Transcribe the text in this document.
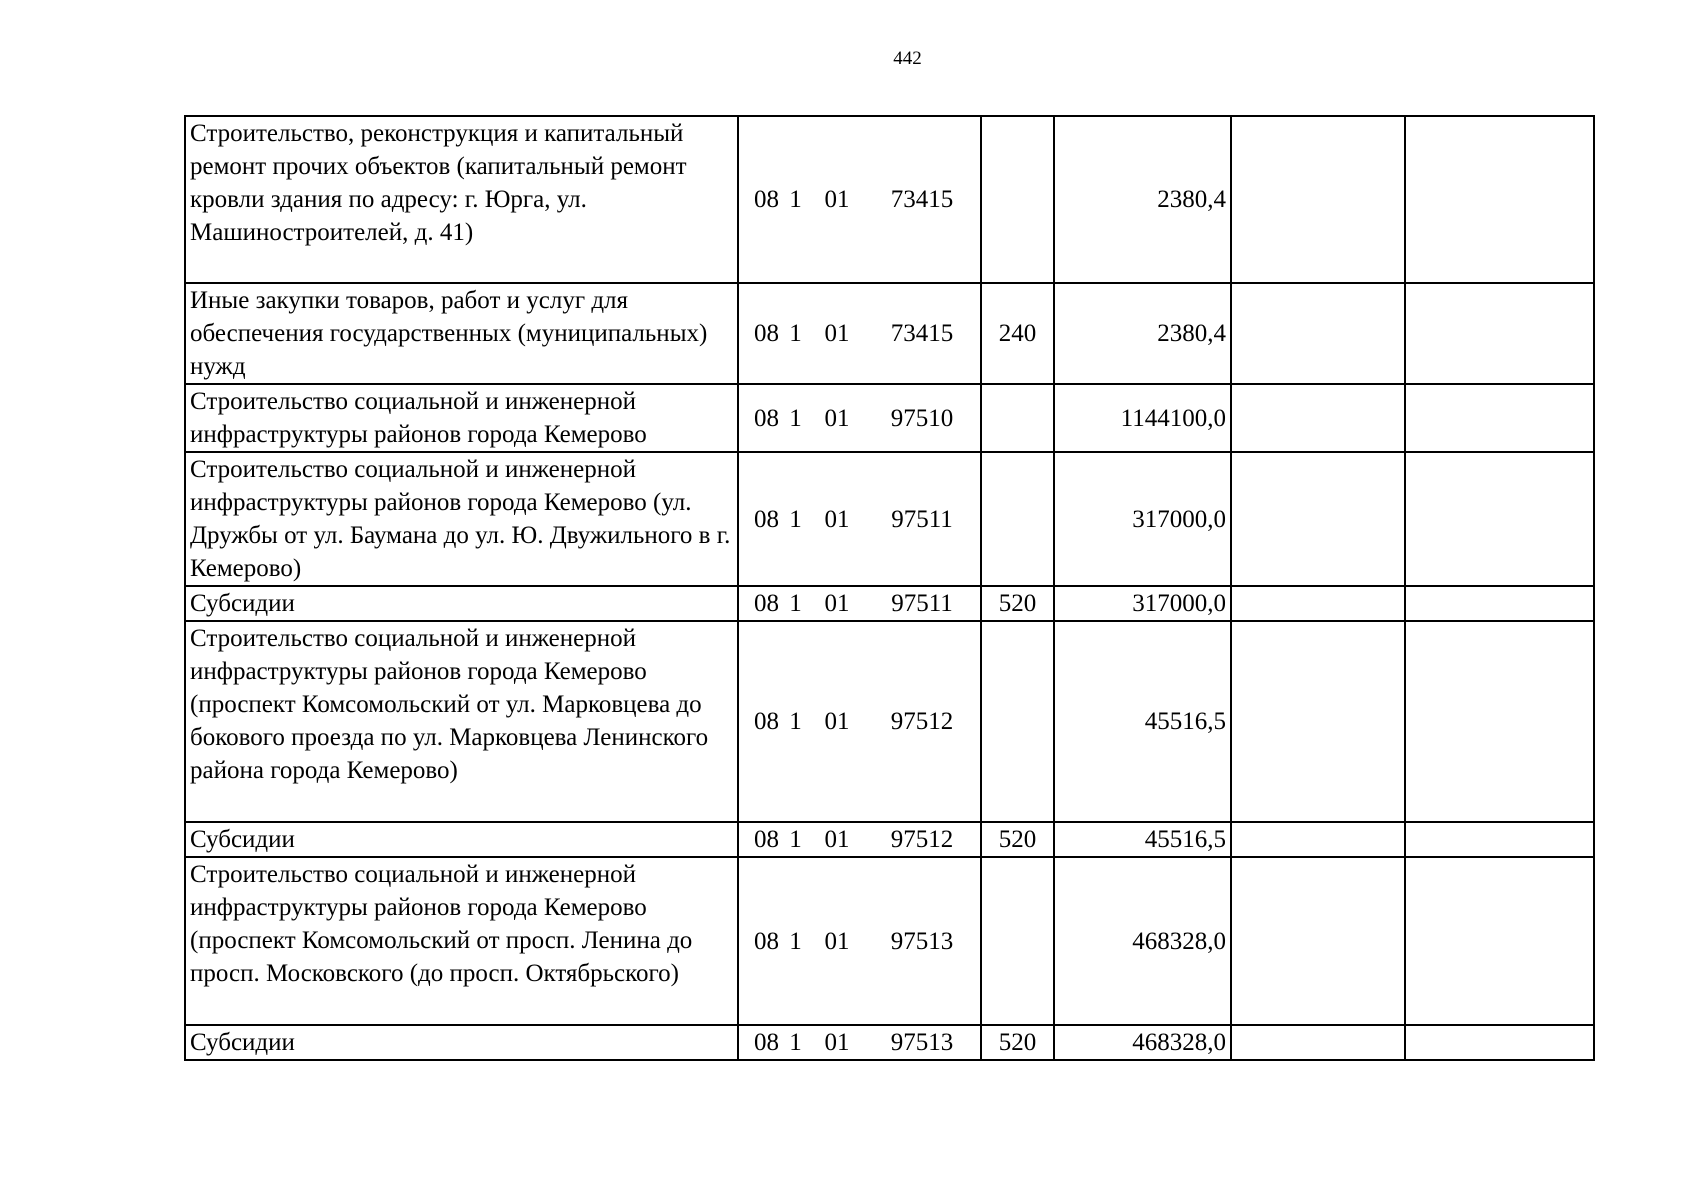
442
Строительство, реконструкция и капитальный ремонт прочих объектов (капитальный ремонт кровли здания по адресу: г. Юрга, ул. Машиностроителей, д. 41)	08 1 01 73415		2380,4		
Иные закупки товаров, работ и услуг для обеспечения государственных (муниципальных) нужд	08 1 01 73415	240	2380,4		
Строительство социальной и инженерной инфраструктуры районов города Кемерово	08 1 01 97510		1144100,0		
Строительство социальной и инженерной инфраструктуры районов города Кемерово (ул. Дружбы от ул. Баумана до ул. Ю. Двужильного в г. Кемерово)	08 1 01 97511		317000,0		
Субсидии	08 1 01 97511	520	317000,0		
Строительство социальной и инженерной инфраструктуры районов города Кемерово (проспект Комсомольский от ул. Марковцева до бокового проезда по ул. Марковцева Ленинского района города Кемерово)	08 1 01 97512		45516,5		
Субсидии	08 1 01 97512	520	45516,5		
Строительство социальной и инженерной инфраструктуры районов города Кемерово (проспект Комсомольский от просп. Ленина до просп. Московского (до просп. Октябрьского)	08 1 01 97513		468328,0		
Субсидии	08 1 01 97513	520	468328,0		
